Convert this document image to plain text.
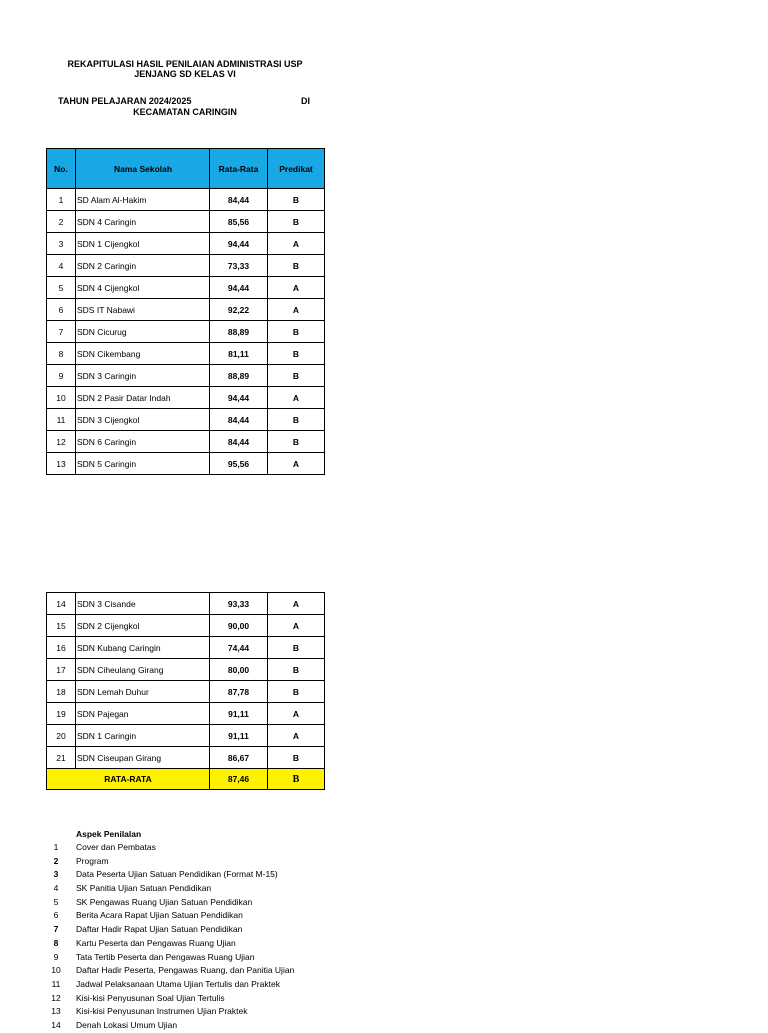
REKAPITULASI HASIL PENILAIAN ADMINISTRASI USP
JENJANG SD KELAS VI
TAHUN PELAJARAN 2024/2025	DI
KECAMATAN CARINGIN
No.	Nama Sekolah	Rata-Rata	Predikat
1	SD Alam Al-Hakim	84,44	B
2	SDN 4 Caringin	85,56	B
3	SDN 1 Cijengkol	94,44	A
4	SDN 2 Caringin	73,33	B
5	SDN 4 Cijengkol	94,44	A
6	SDS IT Nabawi	92,22	A
7	SDN Cicurug	88,89	B
8	SDN Cikembang	81,11	B
9	SDN 3 Caringin	88,89	B
10	SDN 2 Pasir Datar Indah	94,44	A
11	SDN 3 Cijengkol	84,44	B
12	SDN 6 Caringin	84,44	B
13	SDN 5 Caringin	95,56	A
14	SDN 3 Cisande	93,33	A
15	SDN 2 Cijengkol	90,00	A
16	SDN Kubang Caringin	74,44	B
17	SDN Ciheulang Girang	80,00	B
18	SDN Lemah Duhur	87,78	B
19	SDN Pajegan	91,11	A
20	SDN 1 Caringin	91,11	A
21	SDN Ciseupan Girang	86,67	B
RATA-RATA		87,46	B
Aspek Penilalan
1	Cover dan Pembatas
2	Program
3	Data Peserta Ujian Satuan Pendidikan (Format M-15)
4	SK Panitia Ujian Satuan Pendidikan
5	SK Pengawas Ruang Ujian Satuan Pendidikan
6	Berita Acara Rapat Ujian Satuan Pendidikan
7	Daftar Hadir Rapat Ujian Satuan Pendidikan
8	Kartu Peserta dan Pengawas Ruang Ujian
9	Tata Tertib Peserta dan Pengawas Ruang Ujian
10	Daftar Hadir Peserta, Pengawas Ruang, dan Panitia Ujian
11	Jadwal Pelaksanaan Utama Ujian Tertulis dan Praktek
12	Kisi-kisi Penyusunan Soal Ujian Tertulis
13	Kisi-kisi Penyusunan Instrumen Ujian Praktek
14	Denah Lokasi Umum Ujian
